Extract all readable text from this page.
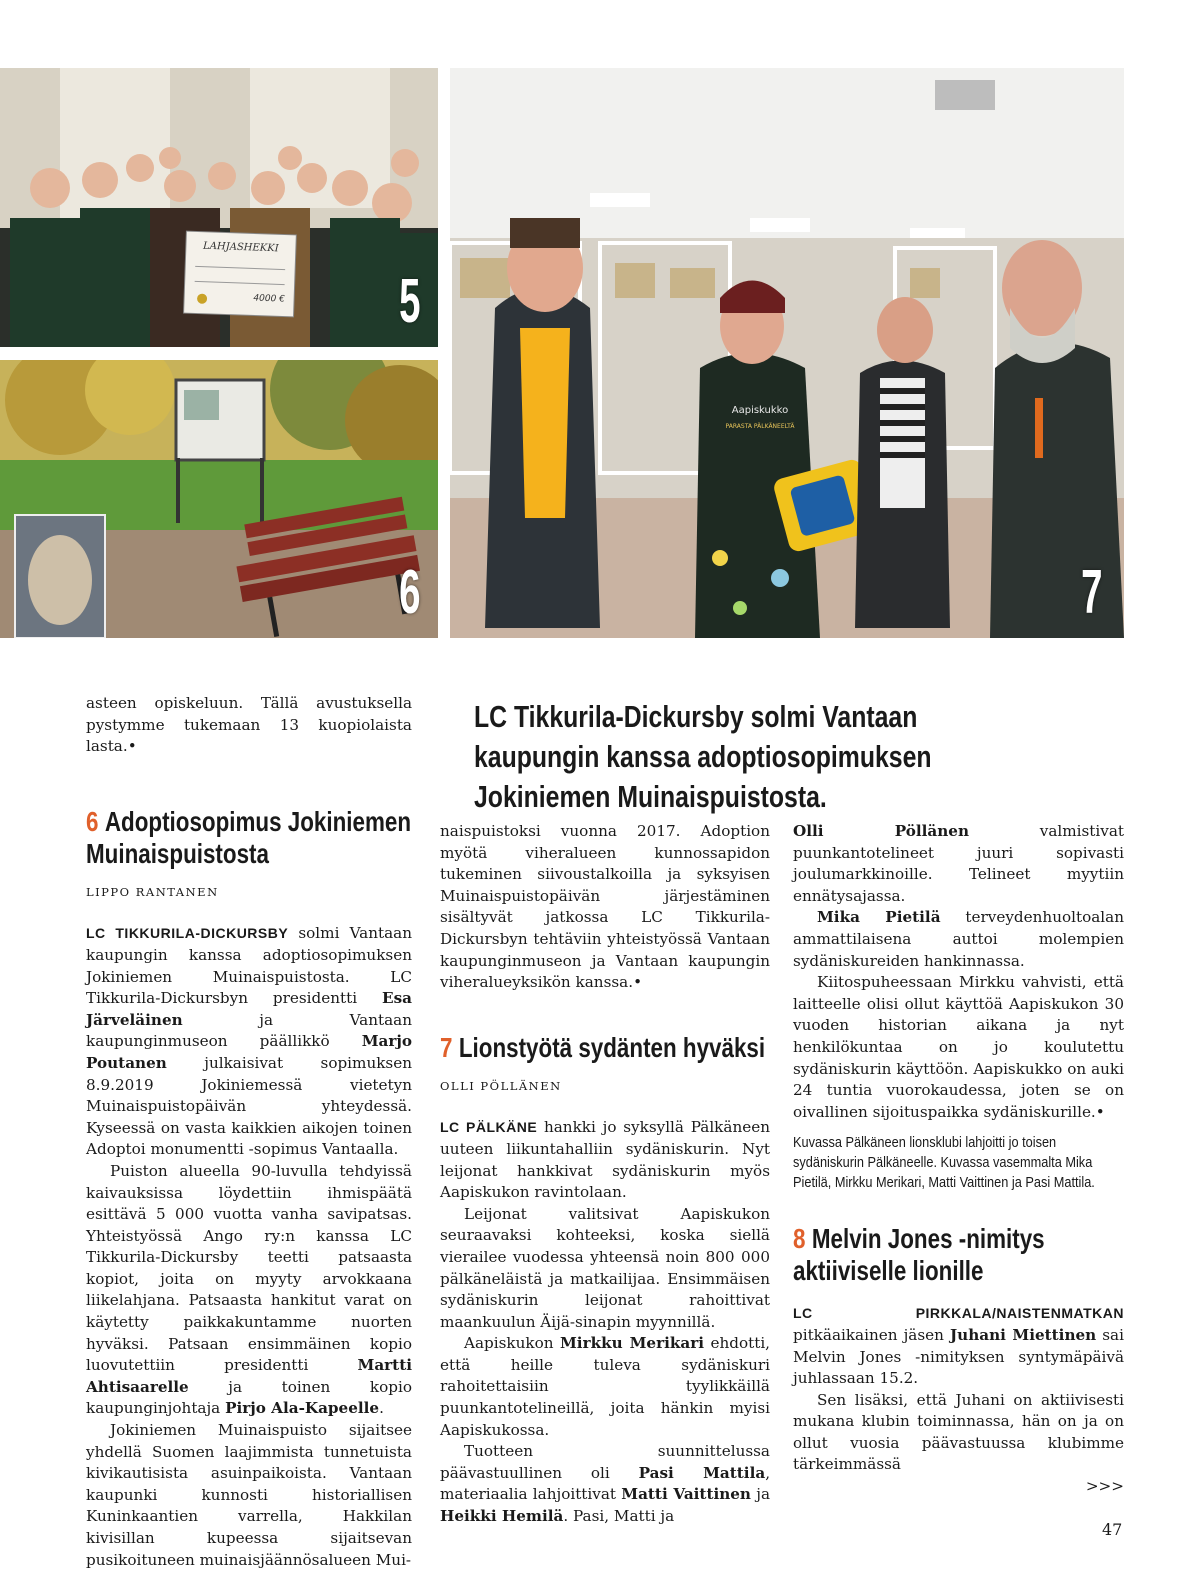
LAHJASHEKKI
4000 € 5
6
Aapiskukko
PARASTA PÄLKÄNEELTÄ
7
LC Tikkurila-Dickursby solmi Vantaan kaupungin kanssa adoptiosopimuksen Jokiniemen Muinaispuistosta.

asteen opiskeluun. Tällä avustuksella pystymme tukemaan 13 kuopiolaista lasta.•

6 Adoptiosopimus Jokiniemen Muinaispuistosta

LIPPO RANTANEN

LC TIKKURILA-DICKURSBY solmi Vantaan kaupungin kanssa adoptiosopimuksen Jokiniemen Muinaispuistosta. LC Tikkurila-Dickursbyn presidentti Esa Järveläinen ja Vantaan kaupunginmuseon päällikkö Marjo Poutanen julkaisivat sopimuksen 8.9.2019 Jokiniemessä vietetyn Muinaispuistopäivän yhteydessä. Kyseessä on vasta kaikkien aikojen toinen Adoptoi monumentti -sopimus Vantaalla.

Puiston alueella 90-luvulla tehdyissä kaivauksissa löydettiin ihmispäätä esittävä 5 000 vuotta vanha savipatsas. Yhteistyössä Ango ry:n kanssa LC Tikkurila-Dickursby teetti patsaasta kopiot, joita on myyty arvokkaana liikelahjana. Patsaasta hankitut varat on käytetty paikkakuntamme nuorten hyväksi. Patsaan ensimmäinen kopio luovutettiin presidentti Martti Ahtisaarelle ja toinen kopio kaupunginjohtaja Pirjo Ala-Kapeelle.

Jokiniemen Muinaispuisto sijaitsee yhdellä Suomen laajimmista tunnetuista kivikautisista asuinpaikoista. Vantaan kaupunki kunnosti historiallisen Kuninkaantien varrella, Hakkilan kivisillan kupeessa sijaitsevan pusikoituneen muinaisjäännösalueen Mui-

naispuistoksi vuonna 2017. Adoption myötä viheralueen kunnossapidon tukeminen siivoustalkoilla ja syksyisen Muinaispuistopäivän järjestäminen sisältyvät jatkossa LC Tikkurila-Dickursbyn tehtäviin yhteistyössä Vantaan kaupunginmuseon ja Vantaan kaupungin viheralueyksikön kanssa.•

7 Lionstyötä sydänten hyväksi

OLLI PÖLLÄNEN

LC PÄLKÄNE hankki jo syksyllä Pälkäneen uuteen liikuntahalliin sydäniskurin. Nyt leijonat hankkivat sydäniskurin myös Aapiskukon ravintolaan.

Leijonat valitsivat Aapiskukon seuraavaksi kohteeksi, koska siellä vierailee vuodessa yhteensä noin 800 000 pälkäneläistä ja matkailijaa. Ensimmäisen sydäniskurin leijonat rahoittivat maankuulun Äijä-sinapin myynnillä.

Aapiskukon Mirkku Merikari ehdotti, että heille tuleva sydäniskuri rahoitettaisiin tyylikkäillä puunkantotelineillä, joita hänkin myisi Aapiskukossa.

Tuotteen suunnittelussa päävastuullinen oli Pasi Mattila, materiaalia lahjoittivat Matti Vaittinen ja Heikki Hemilä. Pasi, Matti ja

Olli Pöllänen valmistivat puunkantotelineet juuri sopivasti joulumarkkinoille. Telineet myytiin ennätysajassa.

Mika Pietilä terveydenhuoltoalan ammattilaisena auttoi molempien sydäniskureiden hankinnassa.

Kiitospuheessaan Mirkku vahvisti, että laitteelle olisi ollut käyttöä Aapiskukon 30 vuoden historian aikana ja nyt henkilökuntaa on jo koulutettu sydäniskurin käyttöön. Aapiskukko on auki 24 tuntia vuorokaudessa, joten se on oivallinen sijoituspaikka sydäniskurille.•

Kuvassa Pälkäneen lionsklubi lahjoitti jo toisen sydäniskurin Pälkäneelle. Kuvassa vasemmalta Mika Pietilä, Mirkku Merikari, Matti Vaittinen ja Pasi Mattila.

8 Melvin Jones -nimitys aktiiviselle lionille

LC PIRKKALA/NAISTENMATKAN pitkäaikainen jäsen Juhani Miettinen sai Melvin Jones -nimityksen syntymäpäivä juhlassaan 15.2.

Sen lisäksi, että Juhani on aktiivisesti mukana klubin toiminnassa, hän on ja on ollut vuosia päävastuussa klubimme tärkeimmässä

>>>

47
